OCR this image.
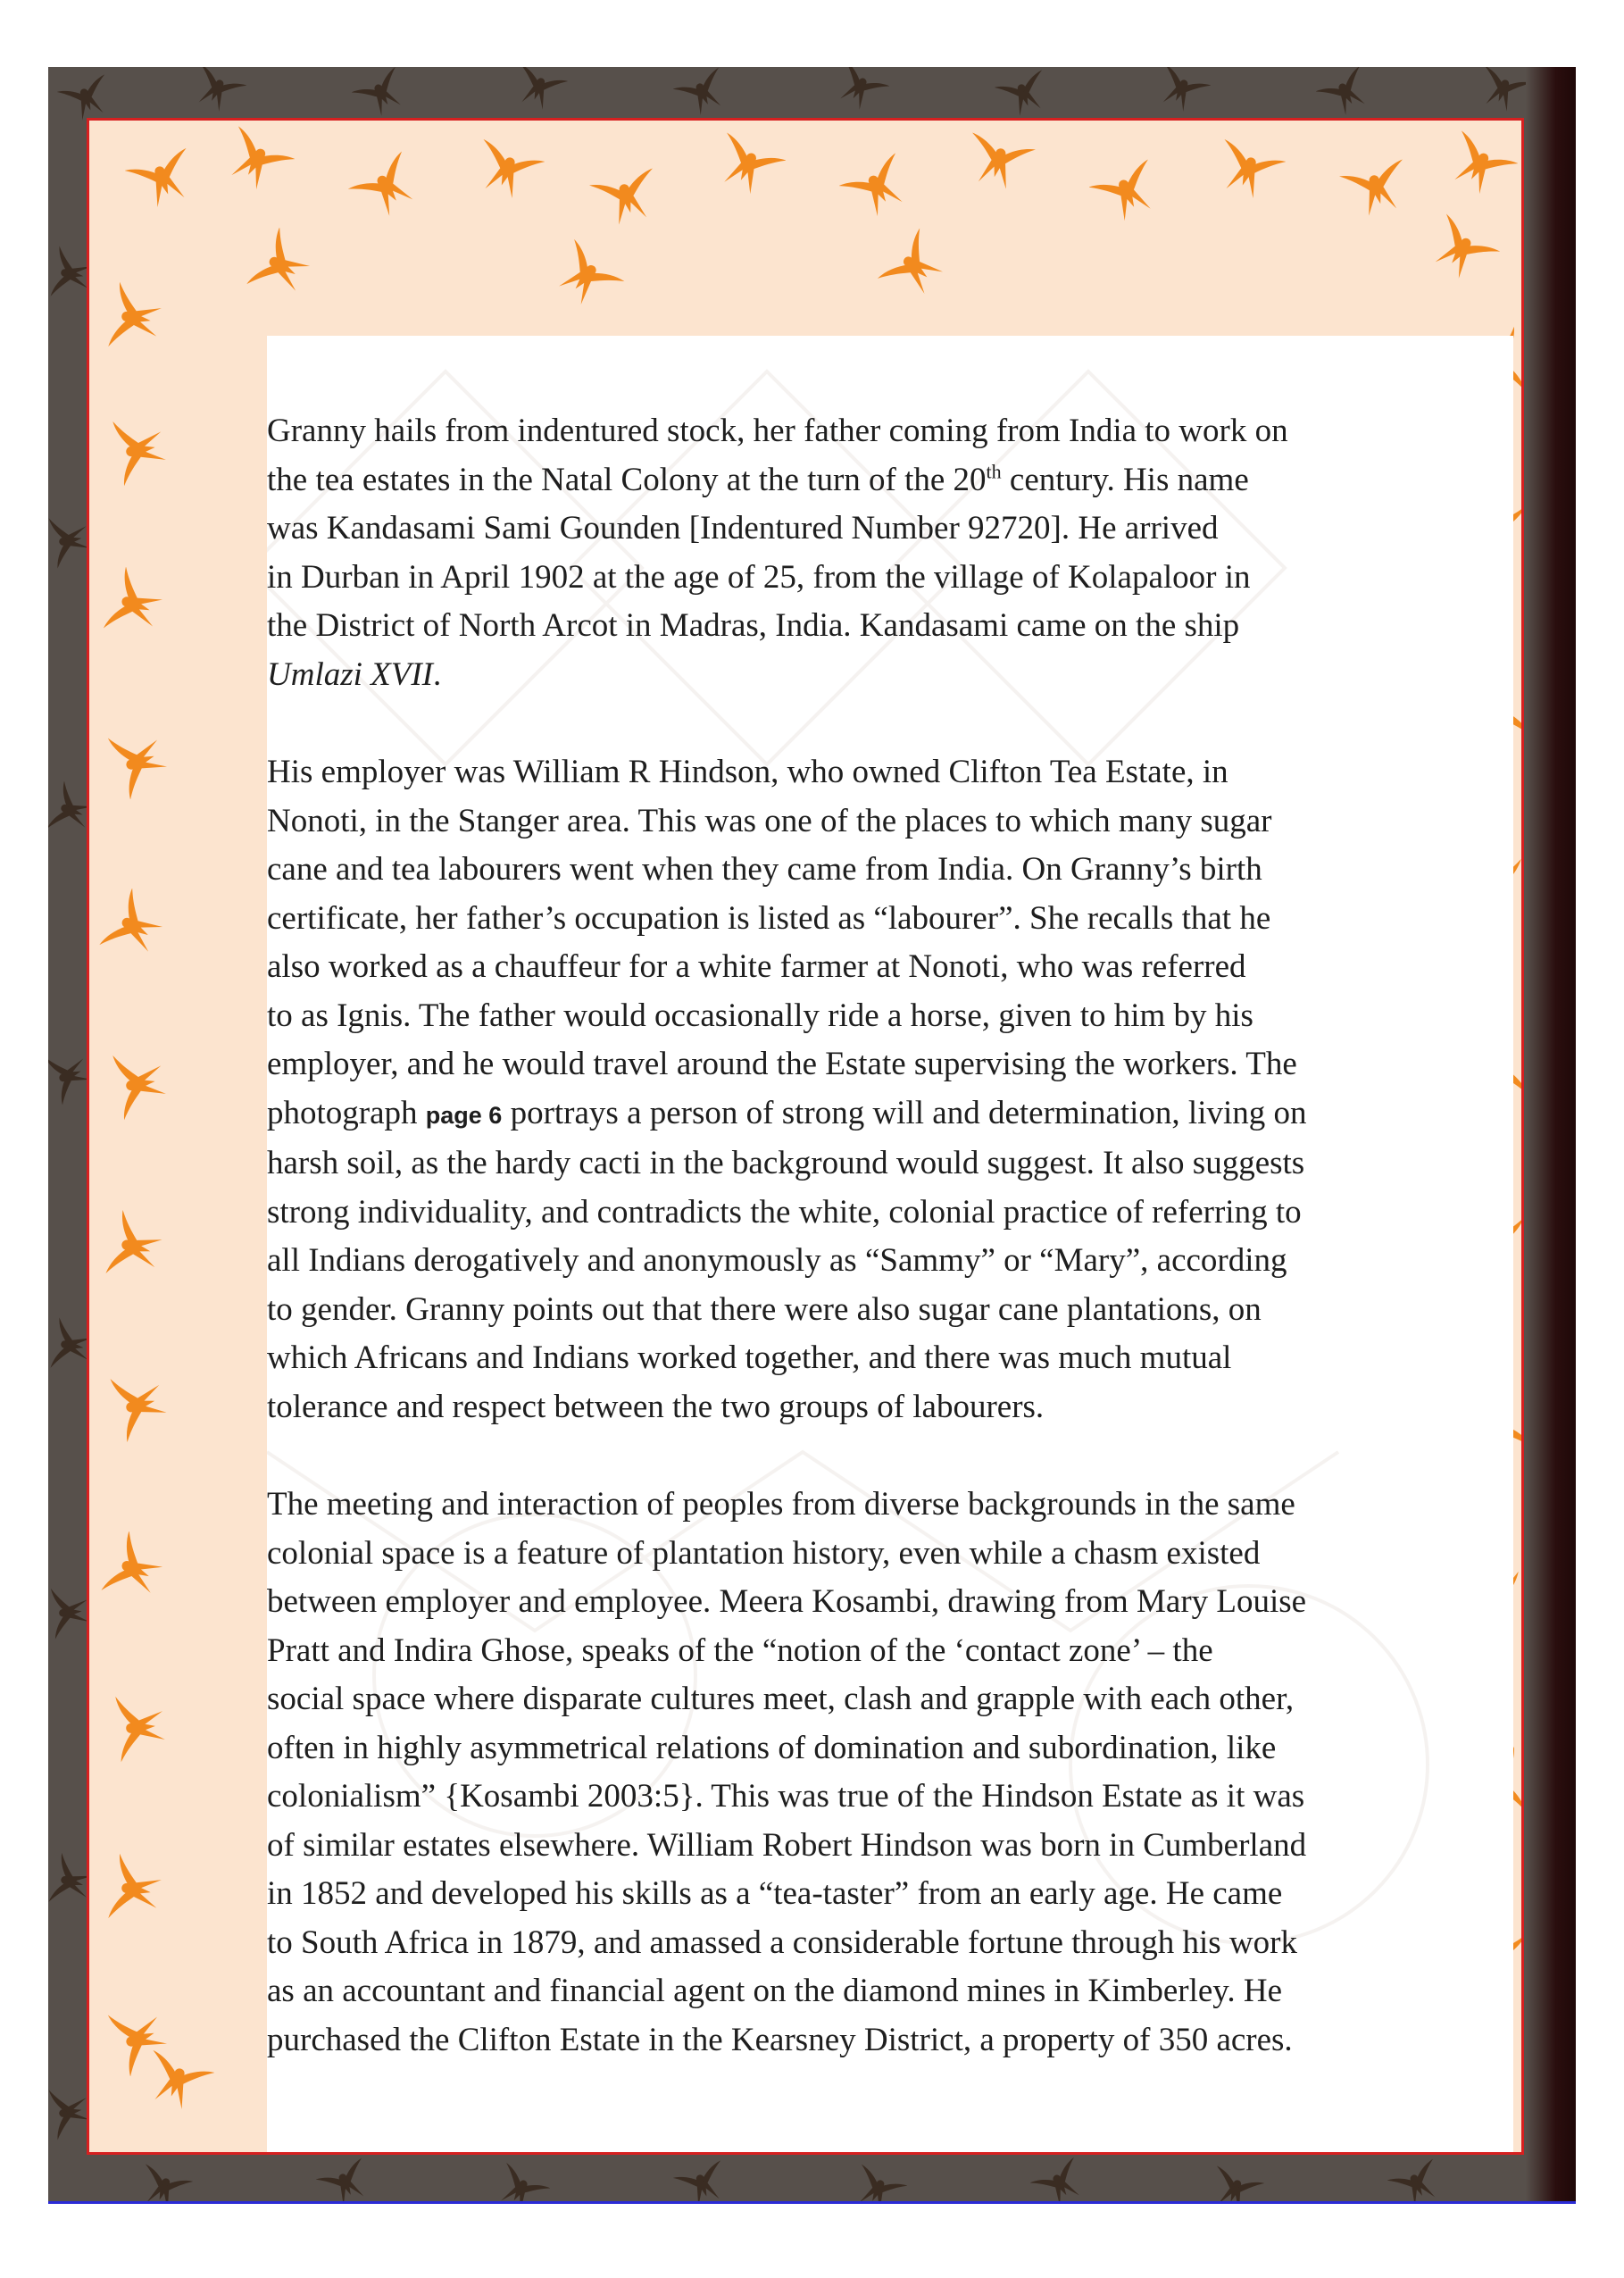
Granny hails from indentured stock, her father coming from India to work on
the tea estates in the Natal Colony at the turn of the 20th century. His name
was Kandasami Sami Gounden [Indentured Number 92720]. He arrived
in Durban in April 1902 at the age of 25, from the village of Kolapaloor in
the District of North Arcot in Madras, India. Kandasami came on the ship
Umlazi XVII.

His employer was William R Hindson, who owned Clifton Tea Estate, in
Nonoti, in the Stanger area. This was one of the places to which many sugar
cane and tea labourers went when they came from India. On Granny’s birth
certificate, her father’s occupation is listed as “labourer”. She recalls that he
also worked as a chauffeur for a white farmer at Nonoti, who was referred
to as Ignis. The father would occasionally ride a horse, given to him by his
employer, and he would travel around the Estate supervising the workers. The
photograph page 6 portrays a person of strong will and determination, living on
harsh soil, as the hardy cacti in the background would suggest. It also suggests
strong individuality, and contradicts the white, colonial practice of referring to
all Indians derogatively and anonymously as “Sammy” or “Mary”, according
to gender. Granny points out that there were also sugar cane plantations, on
which Africans and Indians worked together, and there was much mutual
tolerance and respect between the two groups of labourers.

The meeting and interaction of peoples from diverse backgrounds in the same
colonial space is a feature of plantation history, even while a chasm existed
between employer and employee. Meera Kosambi, drawing from Mary Louise
Pratt and Indira Ghose, speaks of the “notion of the ‘contact zone’ – the
social space where disparate cultures meet, clash and grapple with each other,
often in highly asymmetrical relations of domination and subordination, like
colonialism” {Kosambi 2003:5}. This was true of the Hindson Estate as it was
of similar estates elsewhere. William Robert Hindson was born in Cumberland
in 1852 and developed his skills as a “tea-taster” from an early age. He came
to South Africa in 1879, and amassed a considerable fortune through his work
as an accountant and financial agent on the diamond mines in Kimberley. He
purchased the Clifton Estate in the Kearsney District, a property of 350 acres.
